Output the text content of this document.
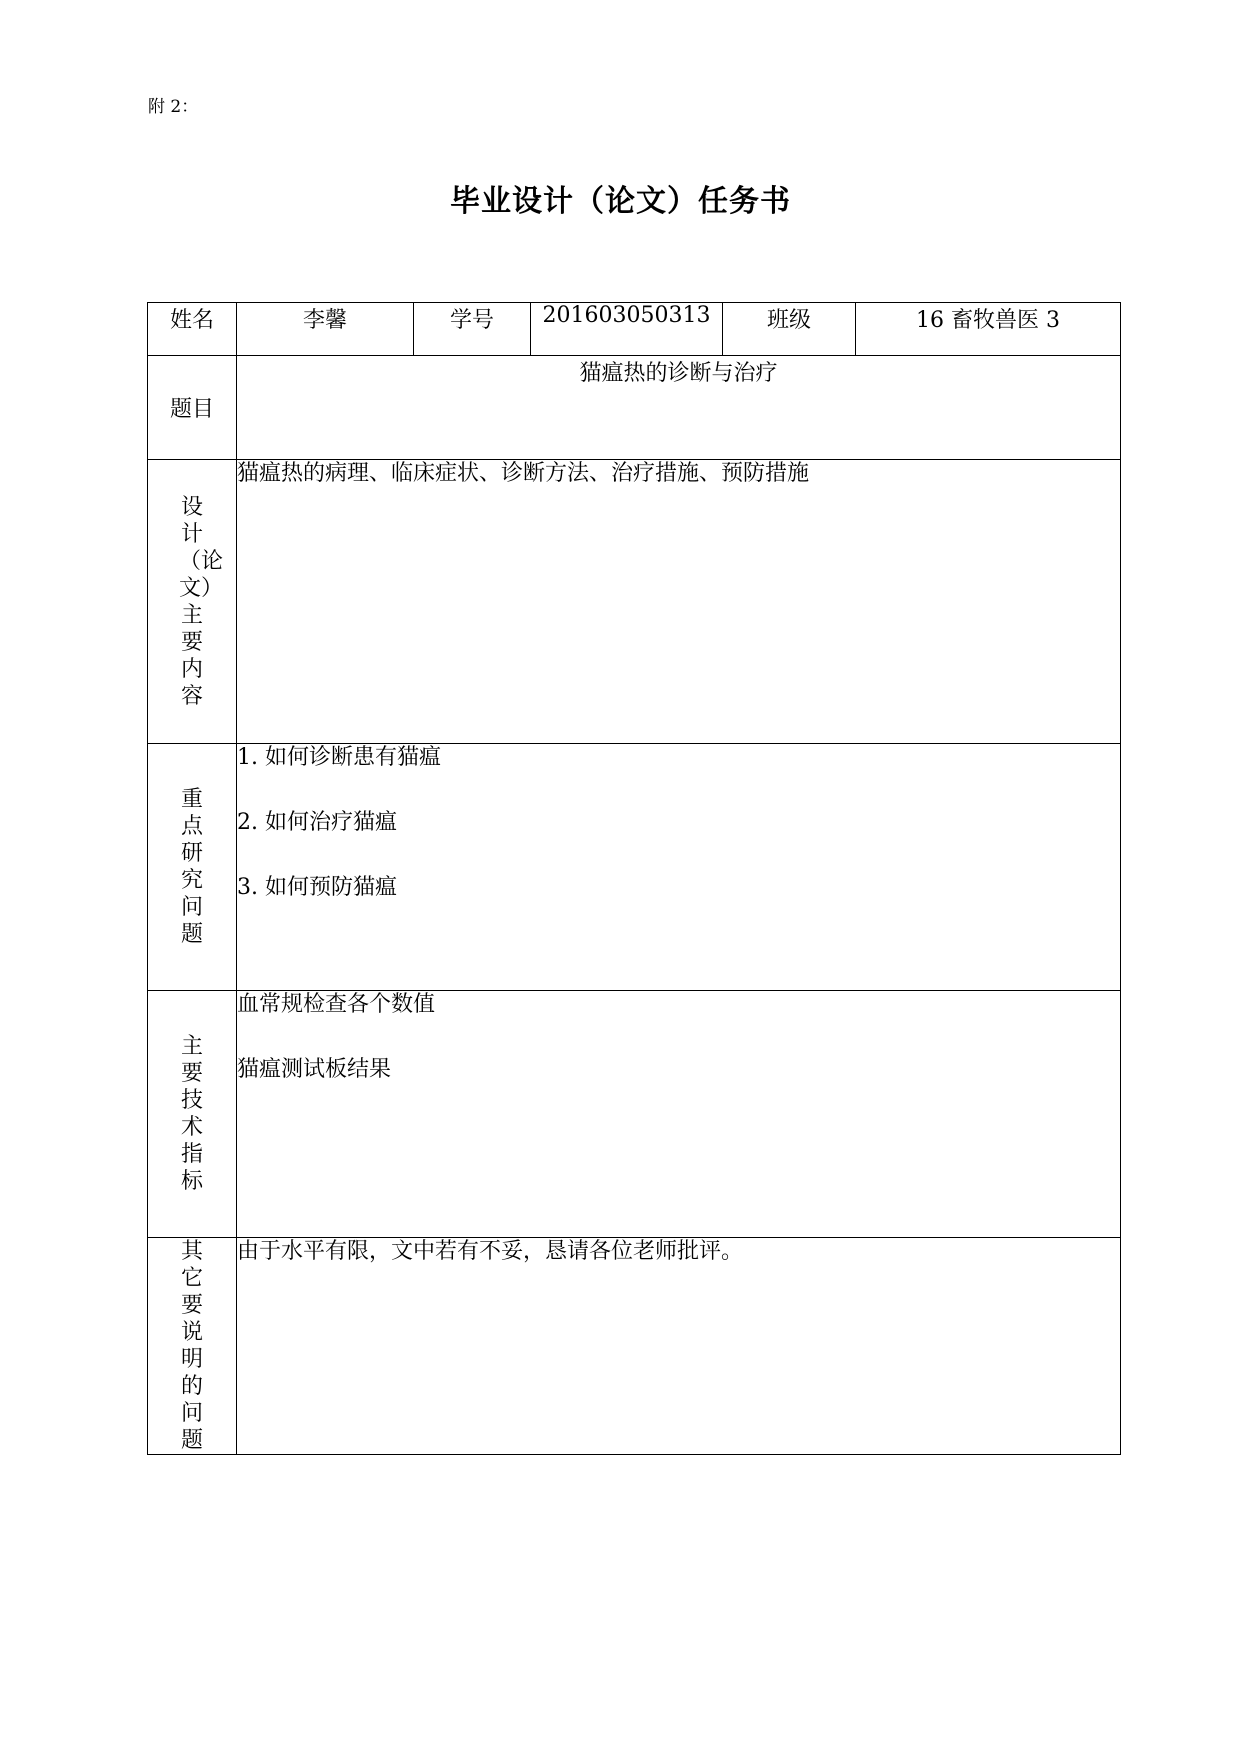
附 2：
毕业设计（论文）任务书
姓名	李馨	学号	201603050313	班级	16 畜牧兽医 3
题目	猫瘟热的诊断与治疗				

设计（论文）主要内容	猫瘟热的病理、临床症状、诊断方法、治疗措施、预防措施				

重点研究问题	1. 如何诊断患有猫瘟

2. 如何治疗猫瘟

3. 如何预防猫瘟				

主要技术指标	血常规检查各个数值

猫瘟测试板结果				

其它要说明的问题	由于水平有限，文中若有不妥，恳请各位老师批评。				
